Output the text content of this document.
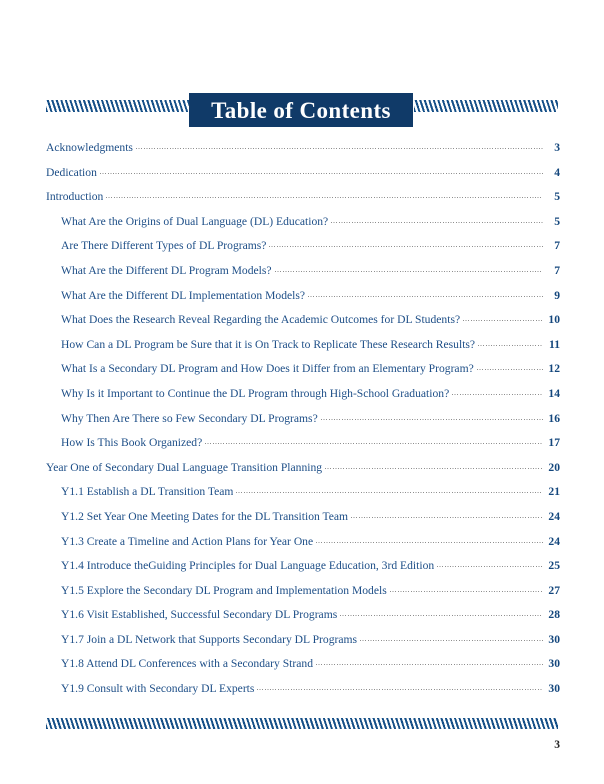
Table of Contents
Acknowledgments	3
Dedication	4
Introduction	5
What Are the Origins of Dual Language (DL) Education?	5
Are There Different Types of DL Programs?	7
What Are the Different DL Program Models?	7
What Are the Different DL Implementation Models?	9
What Does the Research Reveal Regarding the Academic Outcomes for DL Students?	10
How Can a DL Program be Sure that it is On Track to Replicate These Research Results?	11
What Is a Secondary DL Program and How Does it Differ from an Elementary Program?	12
Why Is it Important to Continue the DL Program through High-School Graduation?	14
Why Then Are There so Few Secondary DL Programs?	16
How Is This Book Organized?	17
Year One of Secondary Dual Language Transition Planning	20
Y1.1 Establish a DL Transition Team	21
Y1.2 Set Year One Meeting Dates for the DL Transition Team	24
Y1.3 Create a Timeline and Action Plans for Year One	24
Y1.4 Introduce the Guiding Principles for Dual Language Education, 3rd Edition	25
Y1.5 Explore the Secondary DL Program and Implementation Models	27
Y1.6 Visit Established, Successful Secondary DL Programs	28
Y1.7 Join a DL Network that Supports Secondary DL Programs	30
Y1.8 Attend DL Conferences with a Secondary Strand	30
Y1.9 Consult with Secondary DL Experts	30
3
